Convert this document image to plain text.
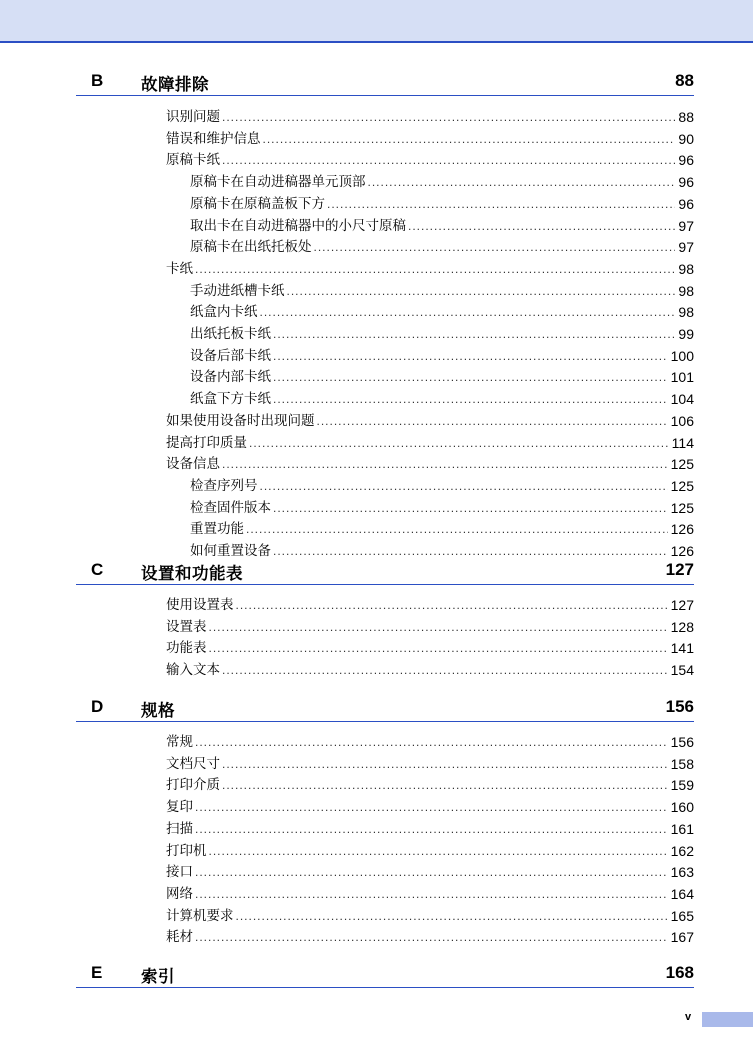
B 故障排除	88
识别问题 .....	88
错误和维护信息 .....	90
原稿卡纸 .....	96
原稿卡在自动进稿器单元顶部 .....	96
原稿卡在原稿盖板下方 .....	96
取出卡在自动进稿器中的小尺寸原稿 .....	97
原稿卡在出纸托板处 .....	97
卡纸 .....	98
手动进纸槽卡纸 .....	98
纸盒内卡纸 .....	98
出纸托板卡纸 .....	99
设备后部卡纸 .....	100
设备内部卡纸 .....	101
纸盒下方卡纸 .....	104
如果使用设备时出现问题 .....	106
提高打印质量 .....	114
设备信息 .....	125
检查序列号 .....	125
检查固件版本 .....	125
重置功能 .....	126
如何重置设备 .....	126
C 设置和功能表	127
使用设置表 .....	127
设置表 .....	128
功能表 .....	141
输入文本 .....	154
D 规格	156
常规 .....	156
文档尺寸 .....	158
打印介质 .....	159
复印 .....	160
扫描 .....	161
打印机 .....	162
接口 .....	163
网络 .....	164
计算机要求 .....	165
耗材 .....	167
E 索引	168
v
